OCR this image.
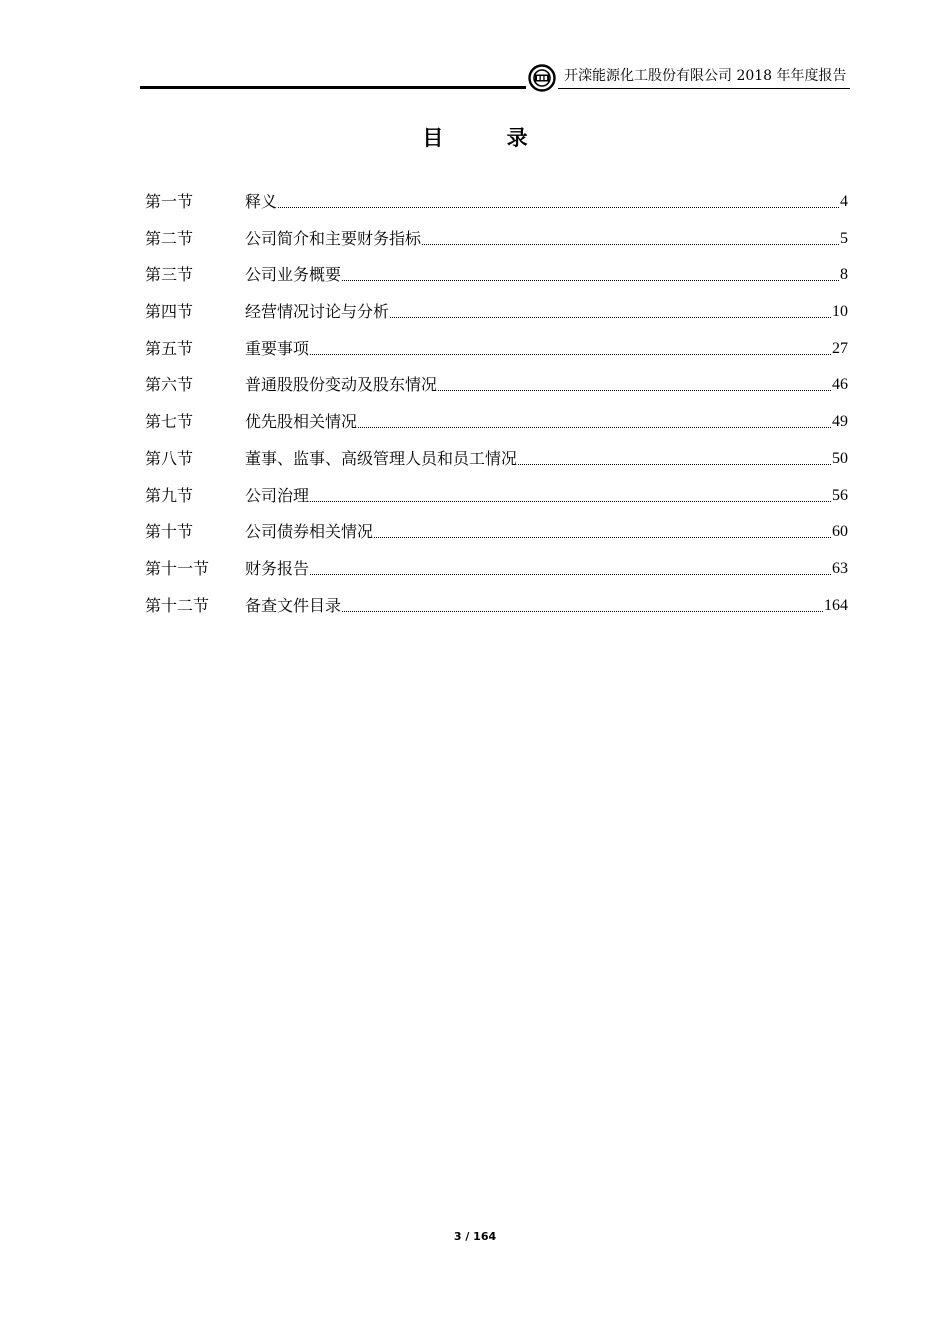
开滦能源化工股份有限公司 2018 年年度报告
目 录
第一节	释义	4
第二节	公司简介和主要财务指标	5
第三节	公司业务概要	8
第四节	经营情况讨论与分析	10
第五节	重要事项	27
第六节	普通股股份变动及股东情况	46
第七节	优先股相关情况	49
第八节	董事、监事、高级管理人员和员工情况	50
第九节	公司治理	56
第十节	公司债券相关情况	60
第十一节	财务报告	63
第十二节	备查文件目录	164
3 / 164
